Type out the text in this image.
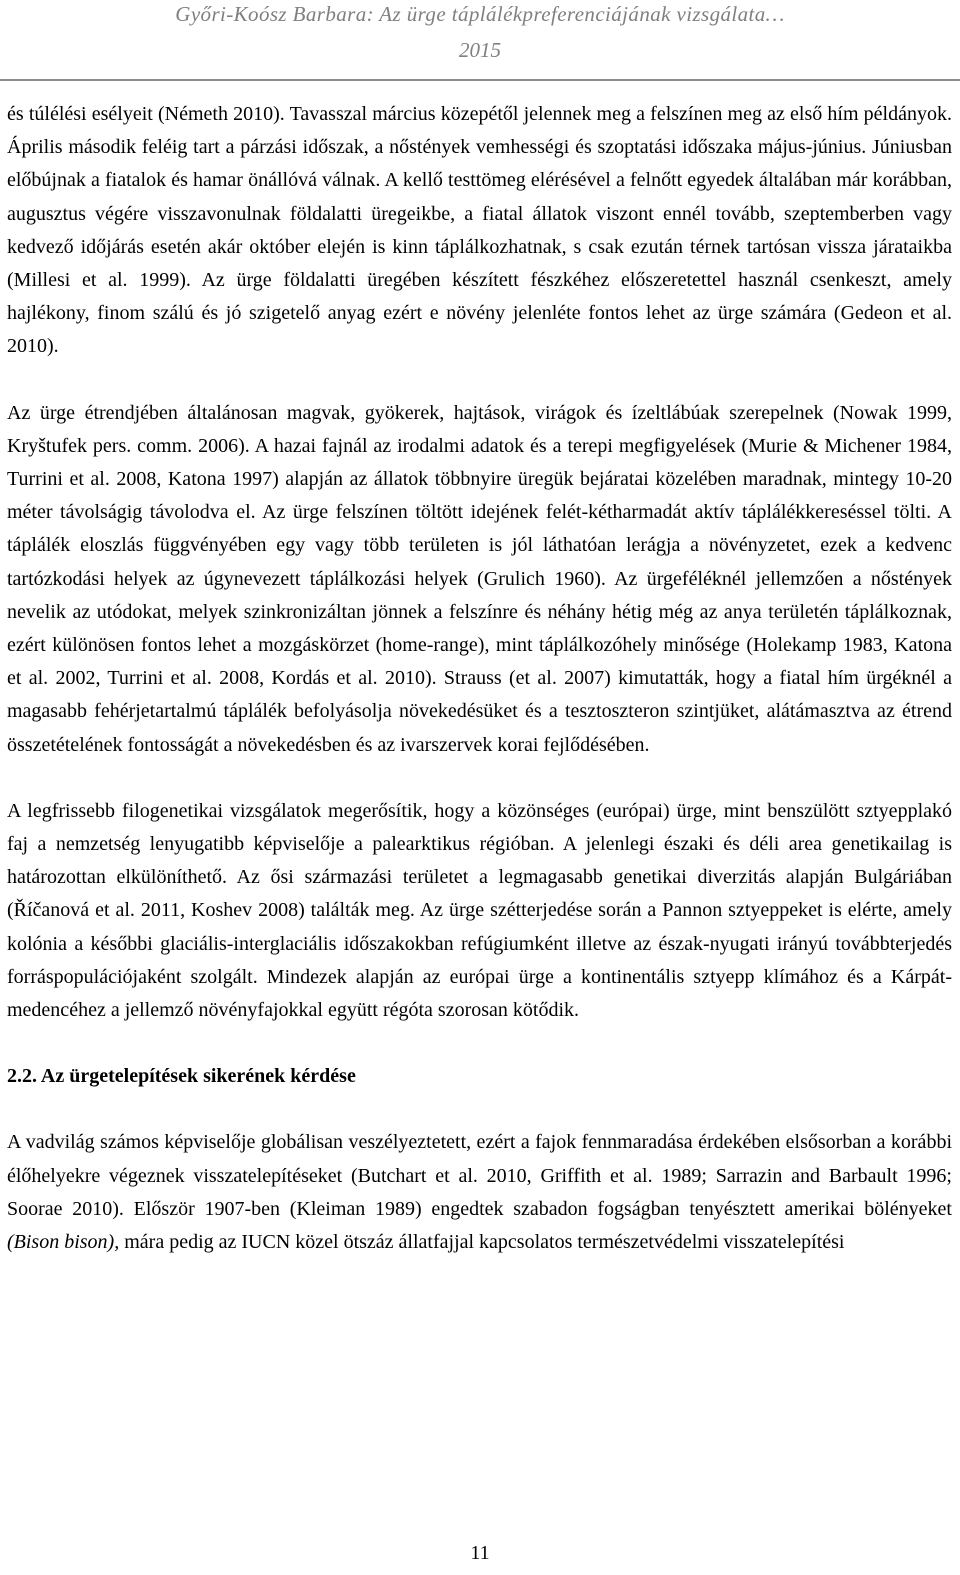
Győri-Koósz Barbara: Az ürge táplálékpreferenciájának vizsgálata…
2015

és túlélési esélyeit (Németh 2010). Tavasszal március közepétől jelennek meg a felszínen meg az első hím példányok. Április második feléig tart a párzási időszak, a nőstények vemhességi és szoptatási időszaka május-június. Júniusban előbújnak a fiatalok és hamar önállóvá válnak. A kellő testtömeg elérésével a felnőtt egyedek általában már korábban, augusztus végére visszavonulnak földalatti üregeikbe, a fiatal állatok viszont ennél tovább, szeptemberben vagy kedvező időjárás esetén akár október elején is kinn táplálkozhatnak, s csak ezután térnek tartósan vissza járataikba (Millesi et al. 1999). Az ürge földalatti üregében készített fészkéhez előszeretettel használ csenkeszt, amely hajlékony, finom szálú és jó szigetelő anyag ezért e növény jelenléte fontos lehet az ürge számára (Gedeon et al. 2010).

Az ürge étrendjében általánosan magvak, gyökerek, hajtások, virágok és ízeltlábúak szerepelnek (Nowak 1999, Kryštufek pers. comm. 2006). A hazai fajnál az irodalmi adatok és a terepi megfigyelések (Murie & Michener 1984, Turrini et al. 2008, Katona 1997) alapján az állatok többnyire üregük bejáratai közelében maradnak, mintegy 10-20 méter távolságig távolodva el. Az ürge felszínen töltött idejének felét-kétharmadát aktív táplálékkereséssel tölti. A táplálék eloszlás függvényében egy vagy több területen is jól láthatóan lerágja a növényzetet, ezek a kedvenc tartózkodási helyek az úgynevezett táplálkozási helyek (Grulich 1960). Az ürgeféléknél jellemzően a nőstények nevelik az utódokat, melyek szinkronizáltan jönnek a felszínre és néhány hétig még az anya területén táplálkoznak, ezért különösen fontos lehet a mozgáskörzet (home-range), mint táplálkozóhely minősége (Holekamp 1983, Katona et al. 2002, Turrini et al. 2008, Kordás et al. 2010). Strauss (et al. 2007) kimutatták, hogy a fiatal hím ürgéknél a magasabb fehérjetartalmú táplálék befolyásolja növekedésüket és a tesztoszteron szintjüket, alátámasztva az étrend összetételének fontosságát a növekedésben és az ivarszervek korai fejlődésében.

A legfrissebb filogenetikai vizsgálatok megerősítik, hogy a közönséges (európai) ürge, mint benszülött sztyepplakó faj a nemzetség lenyugatibb képviselője a palearktikus régióban. A jelenlegi északi és déli area genetikailag is határozottan elkülöníthető. Az ősi származási területet a legmagasabb genetikai diverzitás alapján Bulgáriában (Říčanová et al. 2011, Koshev 2008) találták meg. Az ürge szétterjedése során a Pannon sztyeppeket is elérte, amely kolónia a későbbi glaciális-interglaciális időszakokban refúgiumként illetve az észak-nyugati irányú továbbterjedés forráspopulációjaként szolgált. Mindezek alapján az európai ürge a kontinentális sztyepp klímához és a Kárpát-medencéhez a jellemző növényfajokkal együtt régóta szorosan kötődik.

2.2. Az ürgetelepítések sikerének kérdése

A vadvilág számos képviselője globálisan veszélyeztetett, ezért a fajok fennmaradása érdekében elsősorban a korábbi élőhelyekre végeznek visszatelepítéseket (Butchart et al. 2010, Griffith et al. 1989; Sarrazin and Barbault 1996; Soorae 2010). Először 1907-ben (Kleiman 1989) engedtek szabadon fogságban tenyésztett amerikai bölényeket (Bison bison), mára pedig az IUCN közel ötszáz állatfajjal kapcsolatos természetvédelmi visszatelepítési

11
